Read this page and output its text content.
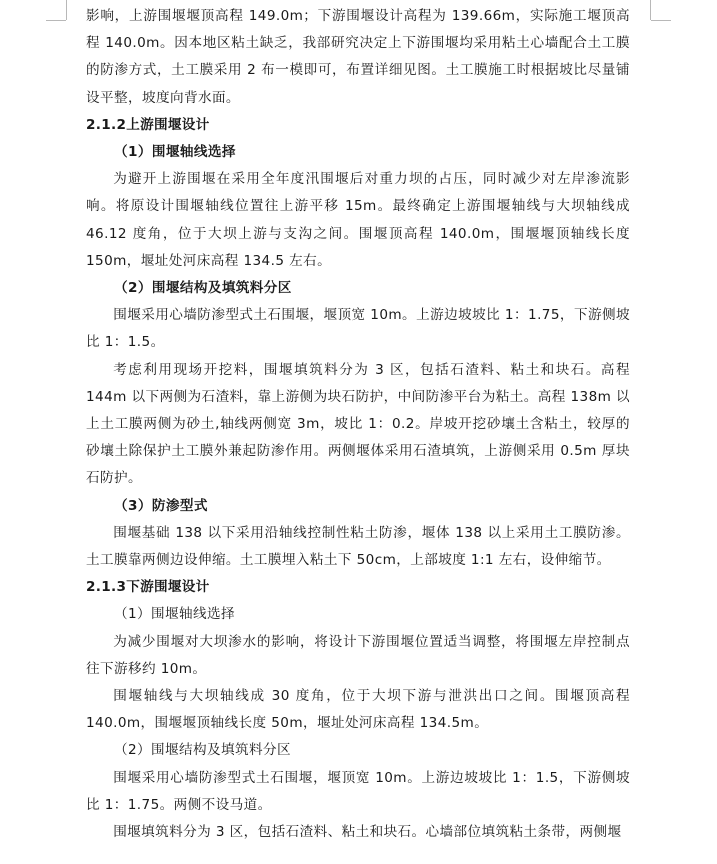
影响，上游围堰堰顶高程 149.0m；下游围堰设计高程为 139.66m，实际施工堰顶高程 140.0m。因本地区粘土缺乏，我部研究决定上下游围堰均采用粘土心墙配合土工膜的防渗方式，土工膜采用 2 布一模即可，布置详细见图。土工膜施工时根据坡比尽量铺设平整，坡度向背水面。

2.1.2上游围堰设计

（1）围堰轴线选择

为避开上游围堰在采用全年度汛围堰后对重力坝的占压，同时减少对左岸渗流影响。将原设计围堰轴线位置往上游平移 15m。最终确定上游围堰轴线与大坝轴线成 46.12 度角，位于大坝上游与支沟之间。围堰顶高程 140.0m，围堰堰顶轴线长度 150m，堰址处河床高程 134.5 左右。

（2）围堰结构及填筑料分区

围堰采用心墙防渗型式土石围堰，堰顶宽 10m。上游边坡坡比 1：1.75，下游侧坡比 1：1.5。

考虑利用现场开挖料，围堰填筑料分为 3 区，包括石渣料、粘土和块石。高程 144m 以下两侧为石渣料，靠上游侧为块石防护，中间防渗平台为粘土。高程 138m 以上土工膜两侧为砂土,轴线两侧宽 3m，坡比 1：0.2。岸坡开挖砂壤土含粘土，较厚的砂壤土除保护土工膜外兼起防渗作用。两侧堰体采用石渣填筑，上游侧采用 0.5m 厚块石防护。

（3）防渗型式

围堰基础 138 以下采用沿轴线控制性粘土防渗，堰体 138 以上采用土工膜防渗。土工膜靠两侧边设伸缩。土工膜埋入粘土下 50cm，上部坡度 1:1 左右，设伸缩节。

2.1.3下游围堰设计

（1）围堰轴线选择

为减少围堰对大坝渗水的影响，将设计下游围堰位置适当调整，将围堰左岸控制点往下游移约 10m。

围堰轴线与大坝轴线成 30 度角，位于大坝下游与泄洪出口之间。围堰顶高程 140.0m，围堰堰顶轴线长度 50m，堰址处河床高程 134.5m。

（2）围堰结构及填筑料分区

围堰采用心墙防渗型式土石围堰，堰顶宽 10m。上游边坡坡比 1：1.5，下游侧坡比 1：1.75。两侧不设马道。

围堰填筑料分为 3 区，包括石渣料、粘土和块石。心墙部位填筑粘土条带，两侧堰
